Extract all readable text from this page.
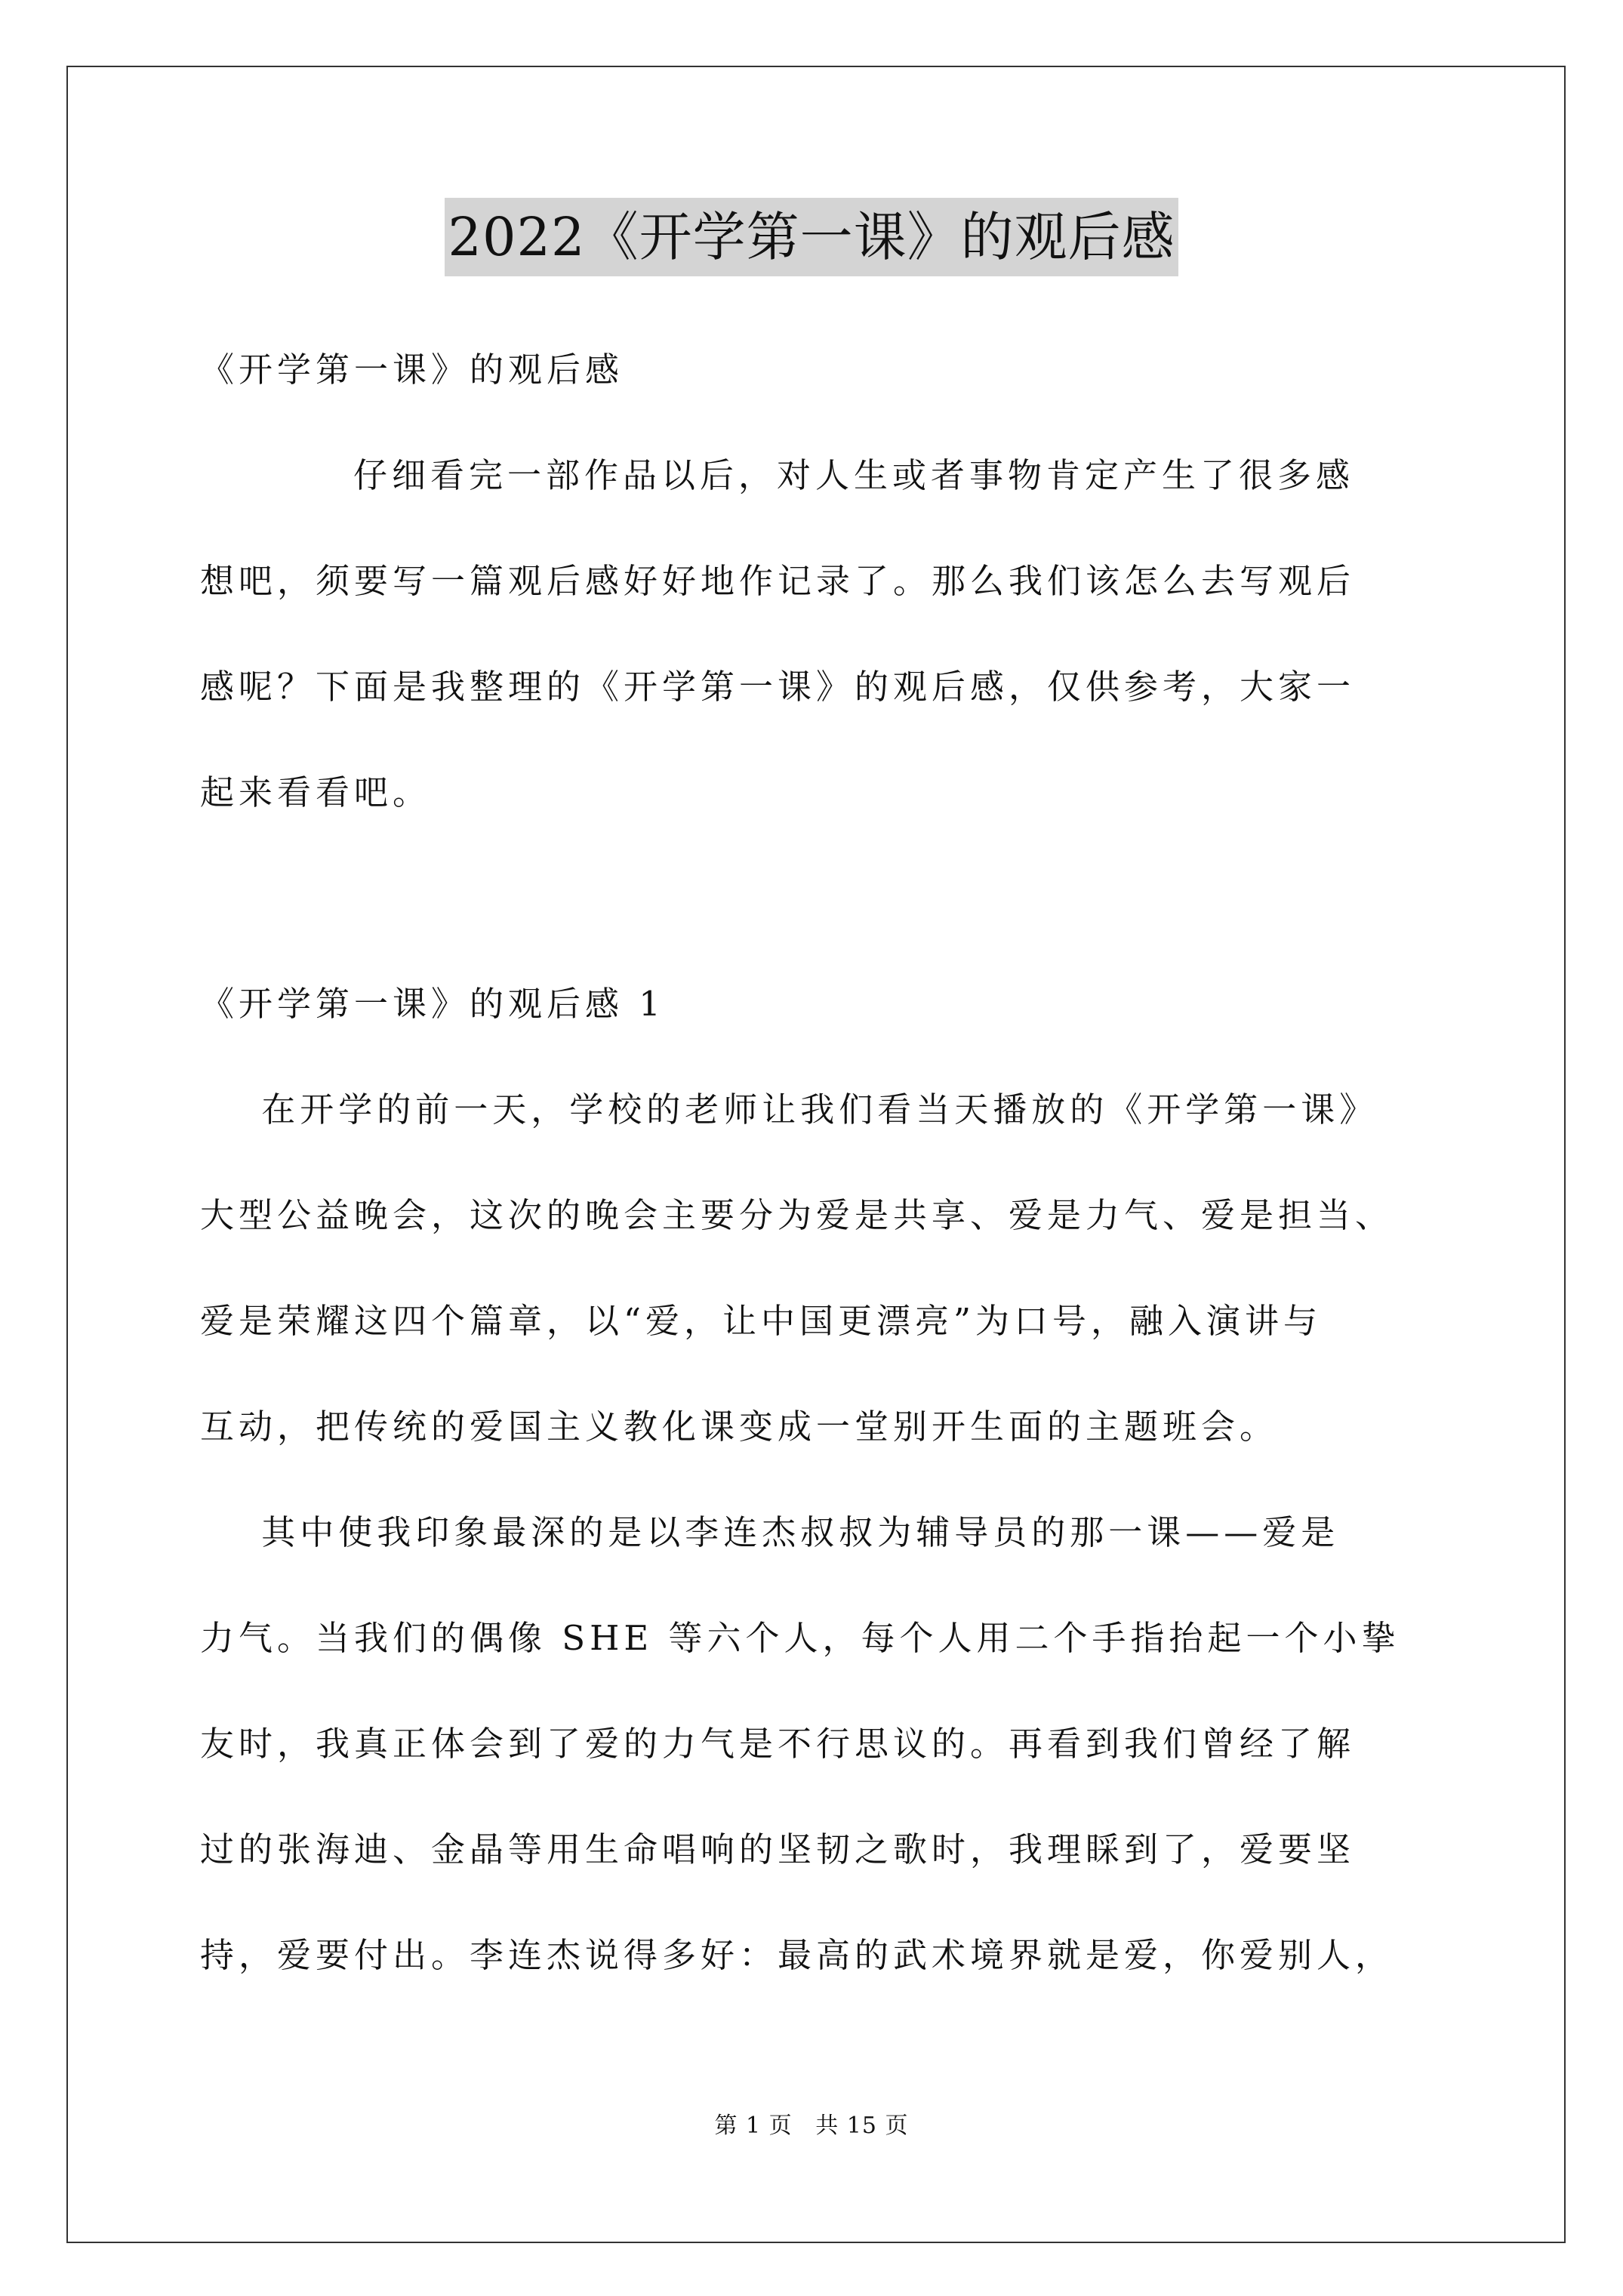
2022《开学第一课》的观后感
《开学第一课》的观后感
仔细看完一部作品以后，对人生或者事物肯定产生了很多感
想吧，须要写一篇观后感好好地作记录了。那么我们该怎么去写观后
感呢？下面是我整理的《开学第一课》的观后感，仅供参考，大家一
起来看看吧。
《开学第一课》的观后感 1
在开学的前一天，学校的老师让我们看当天播放的《开学第一课》
大型公益晚会，这次的晚会主要分为爱是共享、爱是力气、爱是担当、
爱是荣耀这四个篇章，以“爱，让中国更漂亮”为口号，融入演讲与
互动，把传统的爱国主义教化课变成一堂别开生面的主题班会。
其中使我印象最深的是以李连杰叔叔为辅导员的那一课——爱是
力气。当我们的偶像 SHE 等六个人，每个人用二个手指抬起一个小挚
友时，我真正体会到了爱的力气是不行思议的。再看到我们曾经了解
过的张海迪、金晶等用生命唱响的坚韧之歌时，我理睬到了，爱要坚
持，爱要付出。李连杰说得多好：最高的武术境界就是爱，你爱别人，
第 1 页 共 15 页
